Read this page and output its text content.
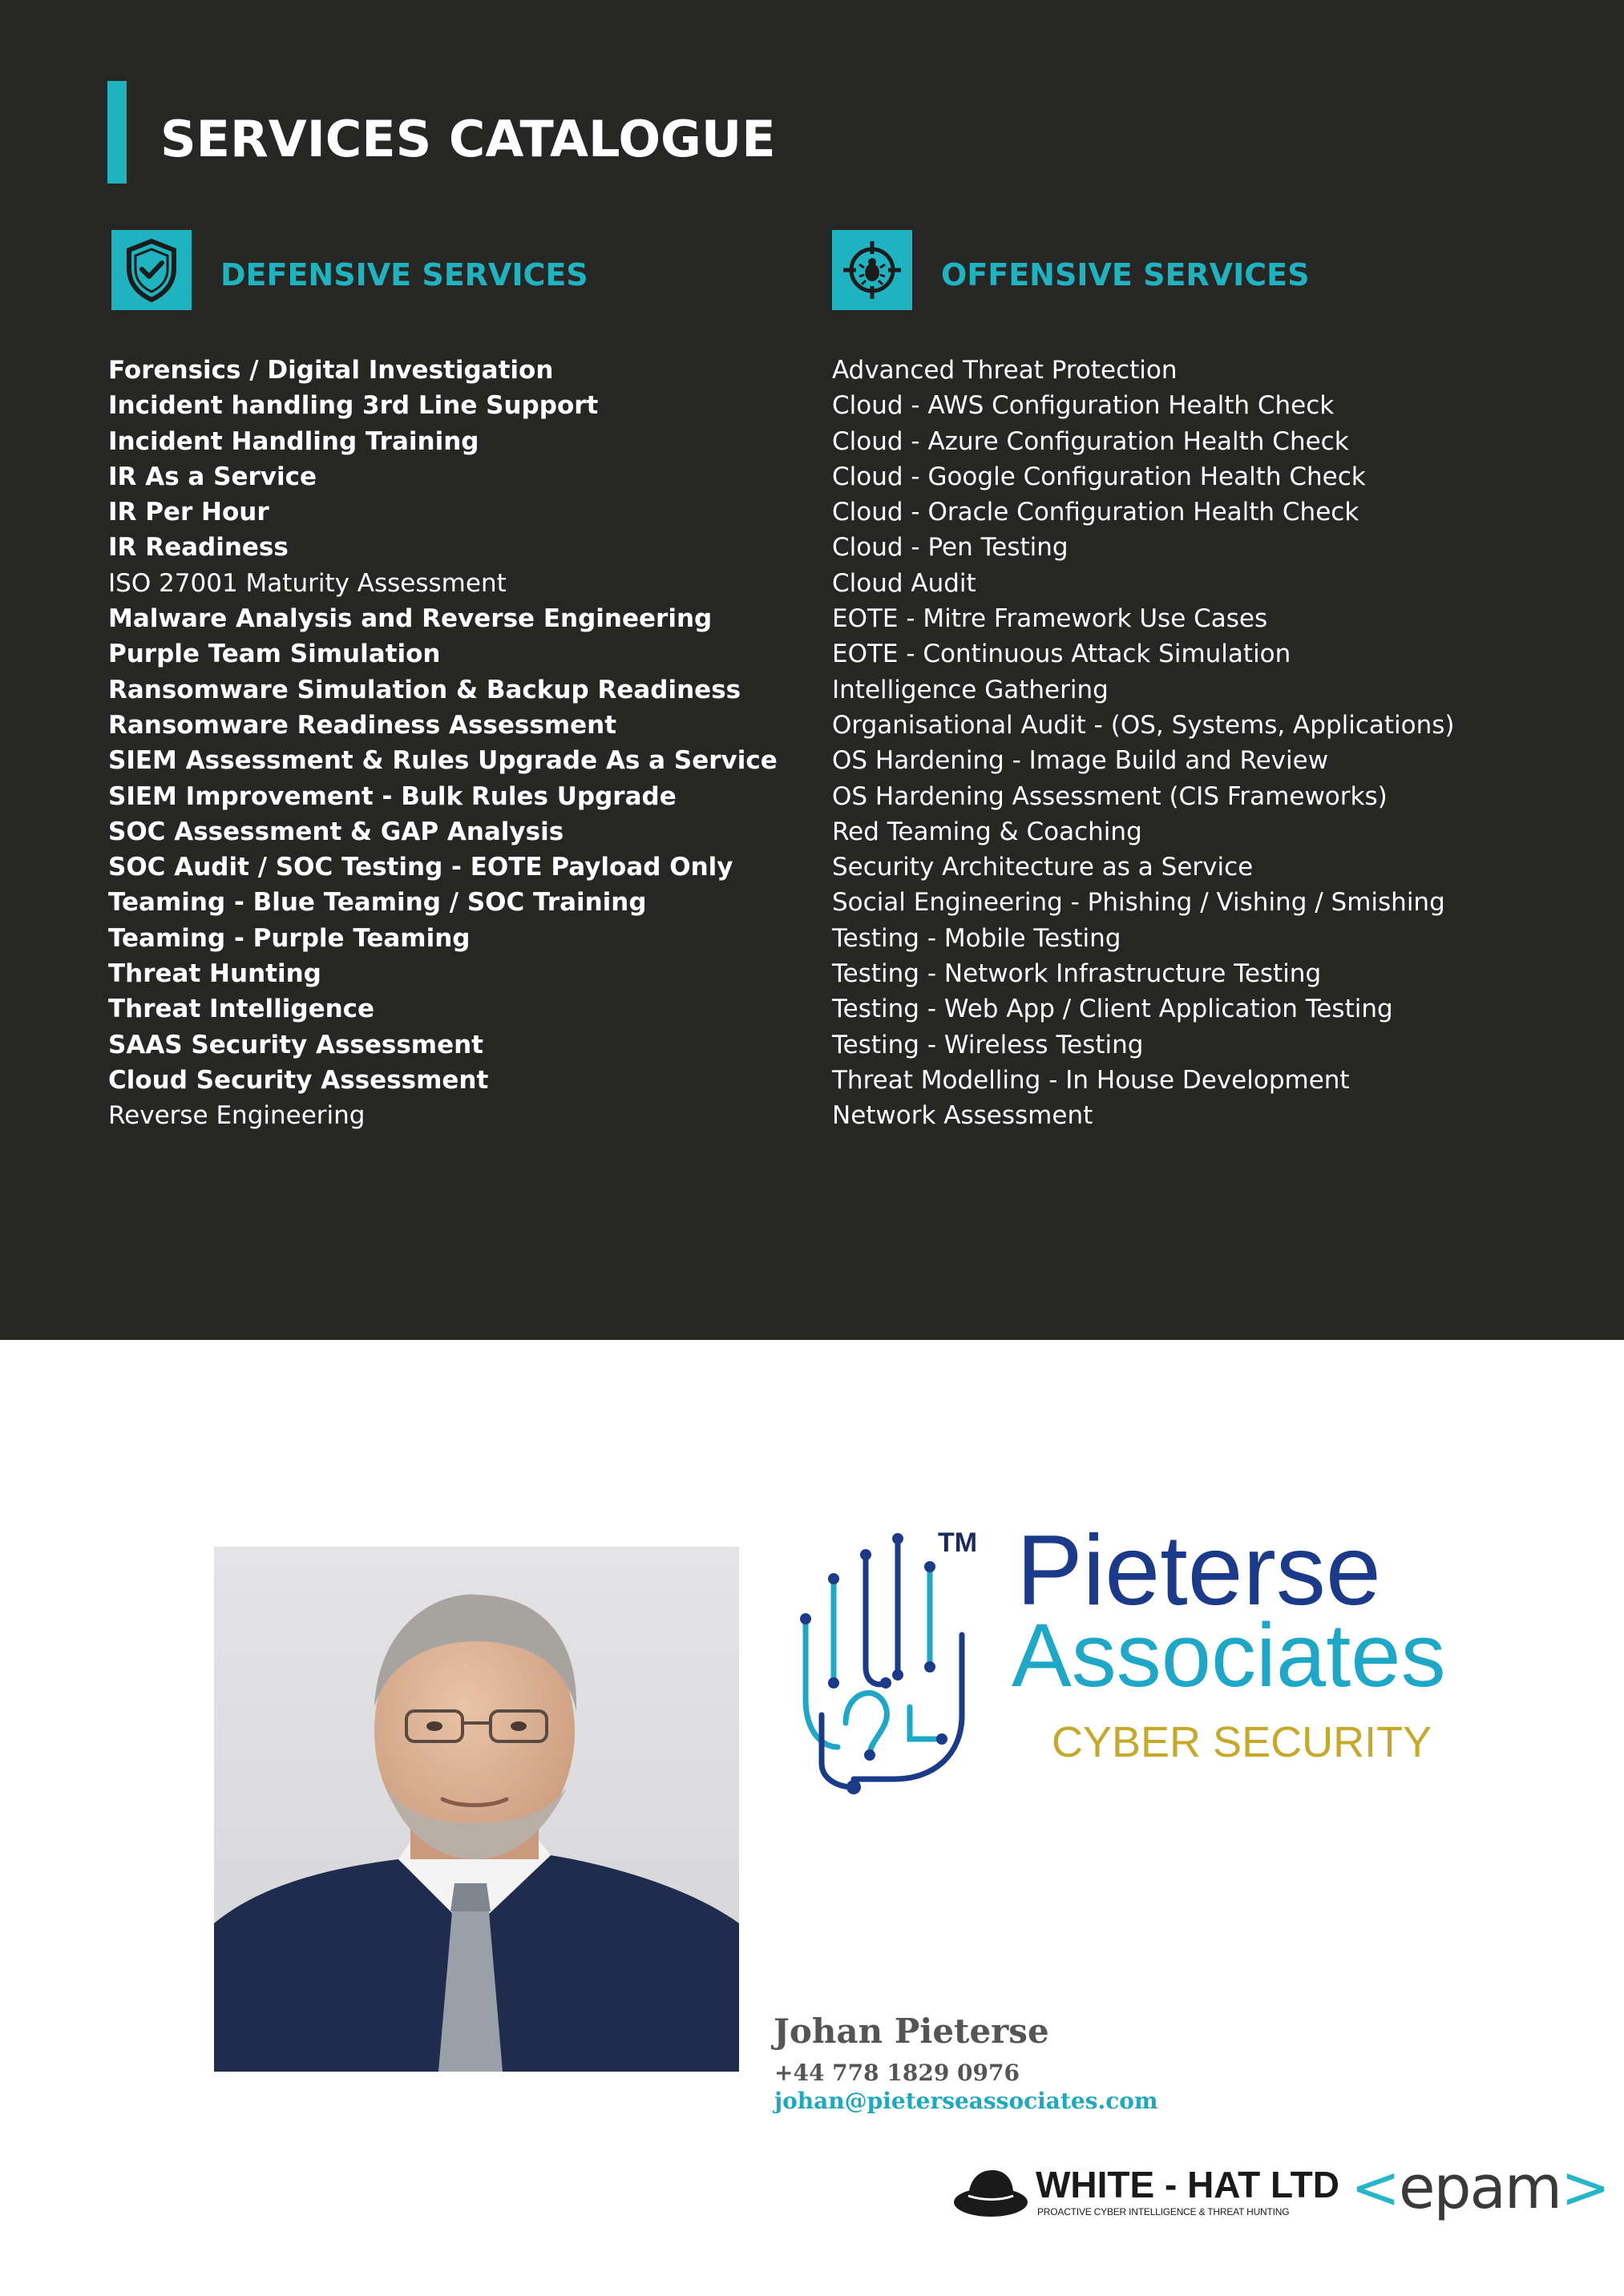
SERVICES CATALOGUE
DEFENSIVE SERVICES	OFFENSIVE SERVICES
Forensics / Digital Investigation
Incident handling 3rd Line Support
Incident Handling Training
IR As a Service
IR Per Hour
IR Readiness
ISO 27001 Maturity Assessment
Malware Analysis and Reverse Engineering
Purple Team Simulation
Ransomware Simulation & Backup Readiness
Ransomware Readiness Assessment
SIEM Assessment & Rules Upgrade As a Service
SIEM Improvement - Bulk Rules Upgrade
SOC Assessment & GAP Analysis
SOC Audit / SOC Testing - EOTE Payload Only
Teaming - Blue Teaming / SOC Training
Teaming - Purple Teaming
Threat Hunting
Threat Intelligence
SAAS Security Assessment
Cloud Security Assessment
Reverse Engineering
Advanced Threat Protection
Cloud - AWS Configuration Health Check
Cloud - Azure Configuration Health Check
Cloud - Google Configuration Health Check
Cloud - Oracle Configuration Health Check
Cloud - Pen Testing
Cloud Audit
EOTE - Mitre Framework Use Cases
EOTE - Continuous Attack Simulation
Intelligence Gathering
Organisational Audit - (OS, Systems, Applications)
OS Hardening - Image Build and Review
OS Hardening Assessment (CIS Frameworks)
Red Teaming & Coaching
Security Architecture as a Service
Social Engineering - Phishing / Vishing / Smishing
Testing - Mobile Testing
Testing - Network Infrastructure Testing
Testing - Web App / Client Application Testing
Testing - Wireless Testing
Threat Modelling - In House Development
Network Assessment

TM Pieterse

Associates

CYBER SECURITY

Johan Pieterse

+44 778 1829 0976

johan@pieterseassociates.com

WHITE - HAT LTD

PROACTIVE CYBER INTELLIGENCE & THREAT HUNTING <epam>
